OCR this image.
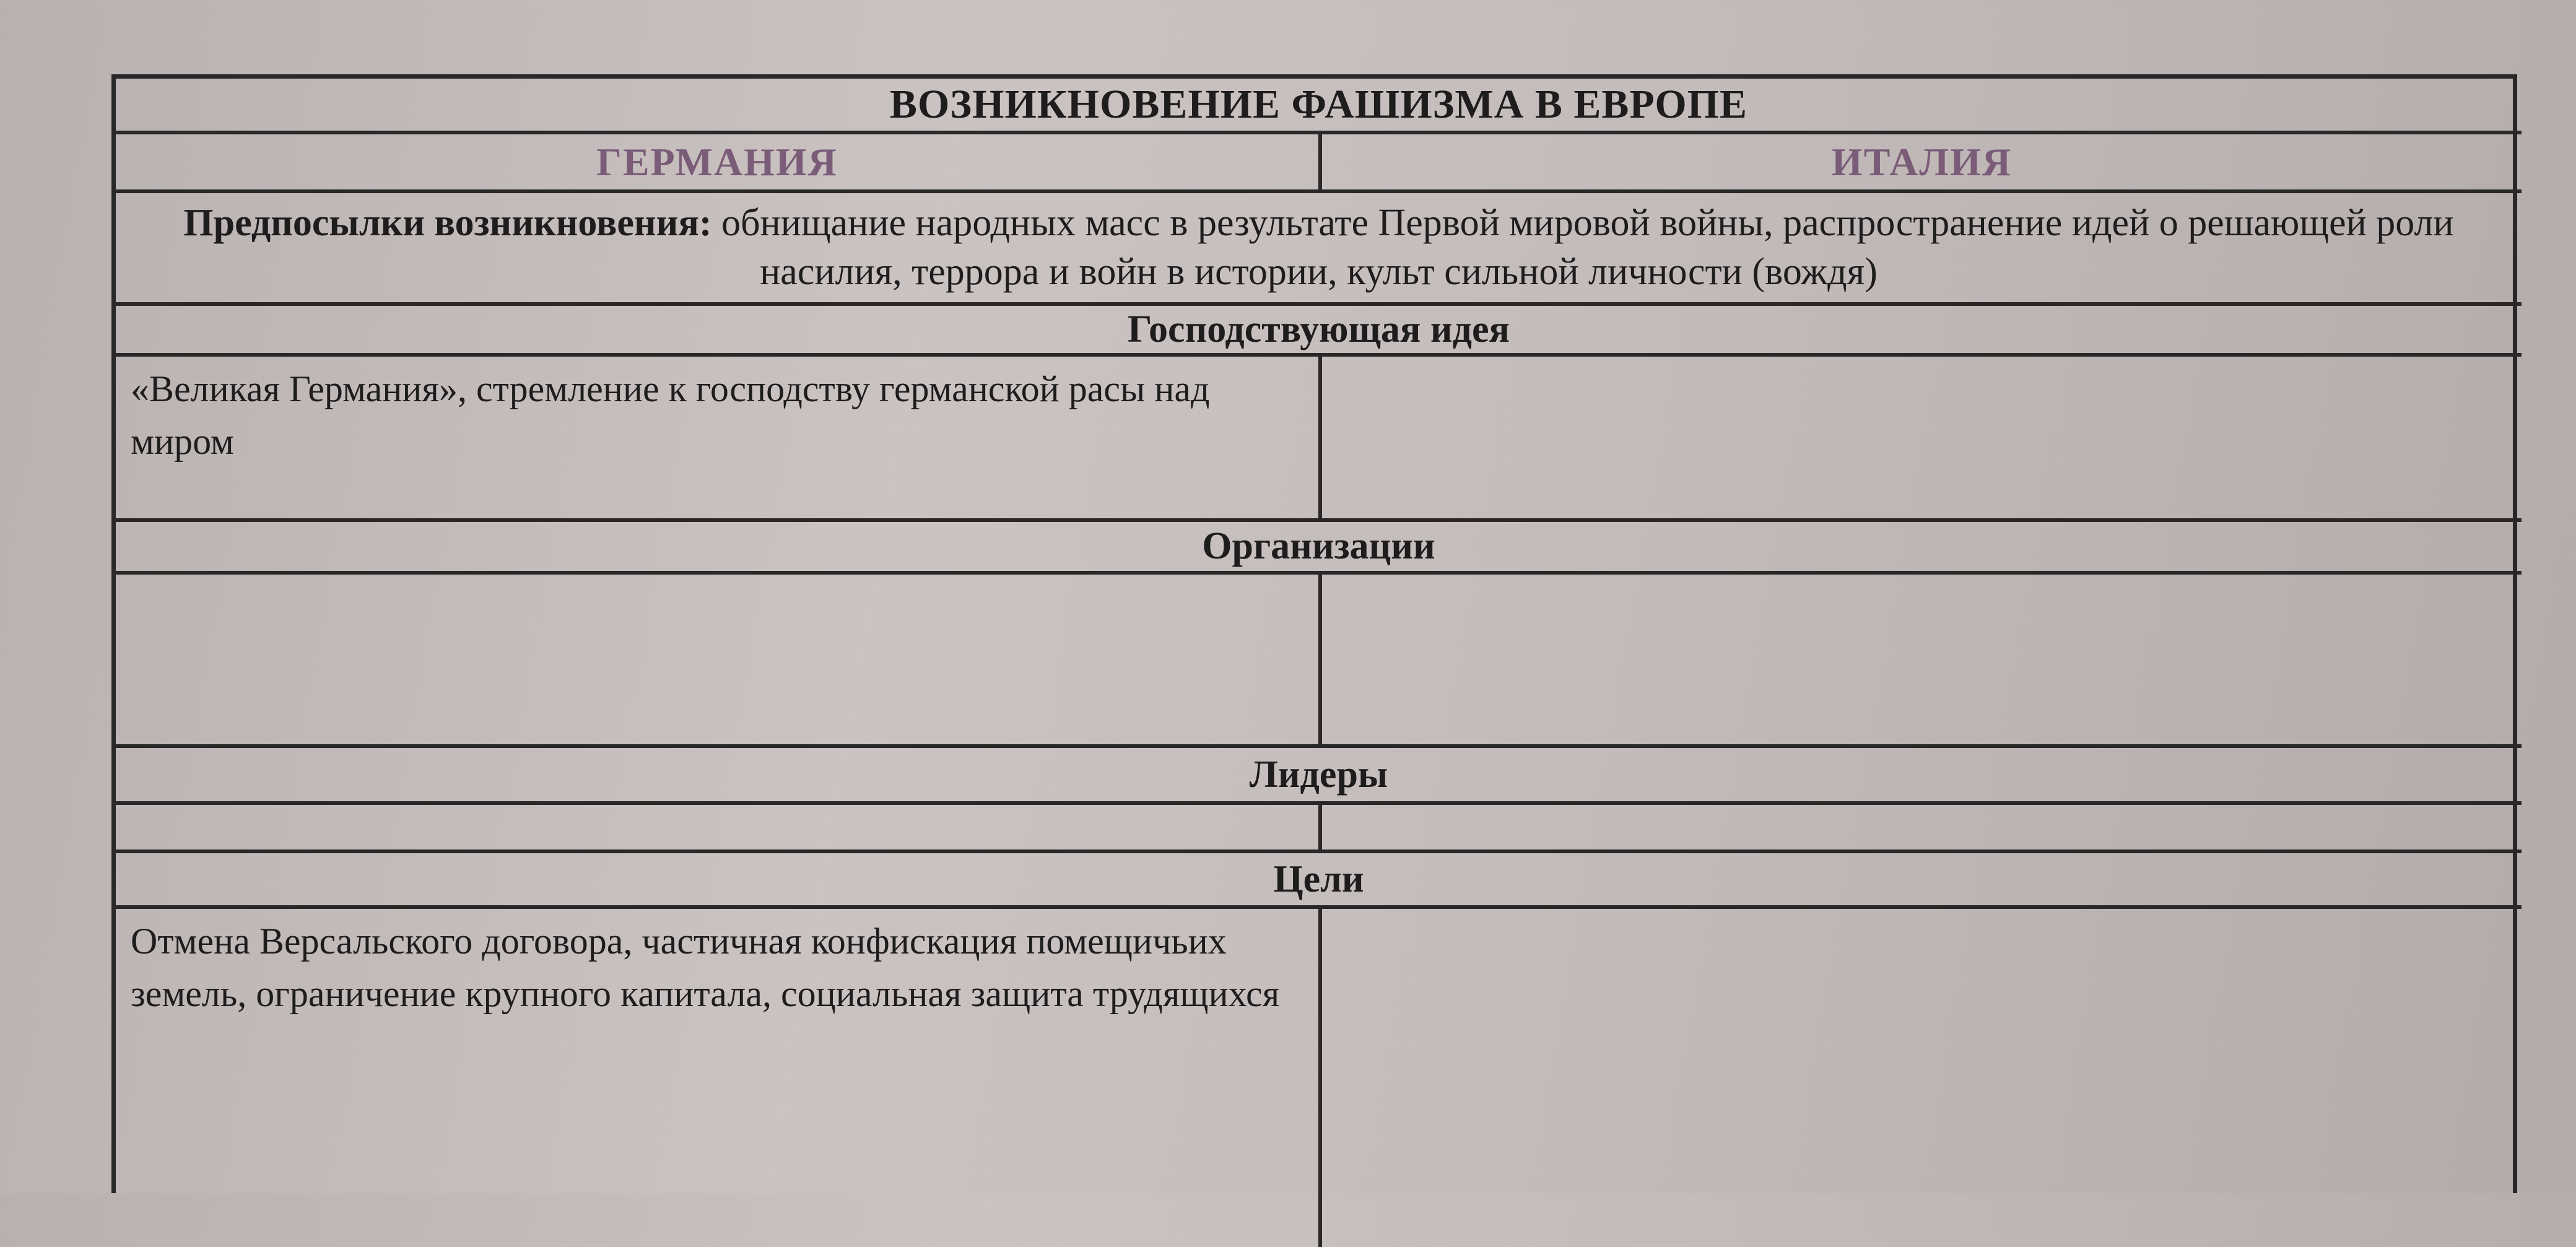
ВОЗНИКНОВЕНИЕ ФАШИЗМА В ЕВРОПЕ
ГЕРМАНИЯ	ИТАЛИЯ
Предпосылки возникновения: обнищание народных масс в результате Первой мировой войны, распространение идей о решающей роли насилия, террора и войн в истории, культ сильной личности (вождя)
Господствующая идея
«Великая Германия», стремление к господству германской расы над миром
Организации
Лидеры
Цели
Отмена Версальского договора, частичная конфискация помещичьих земель, ограничение крупного капитала, социальная защита трудящихся
